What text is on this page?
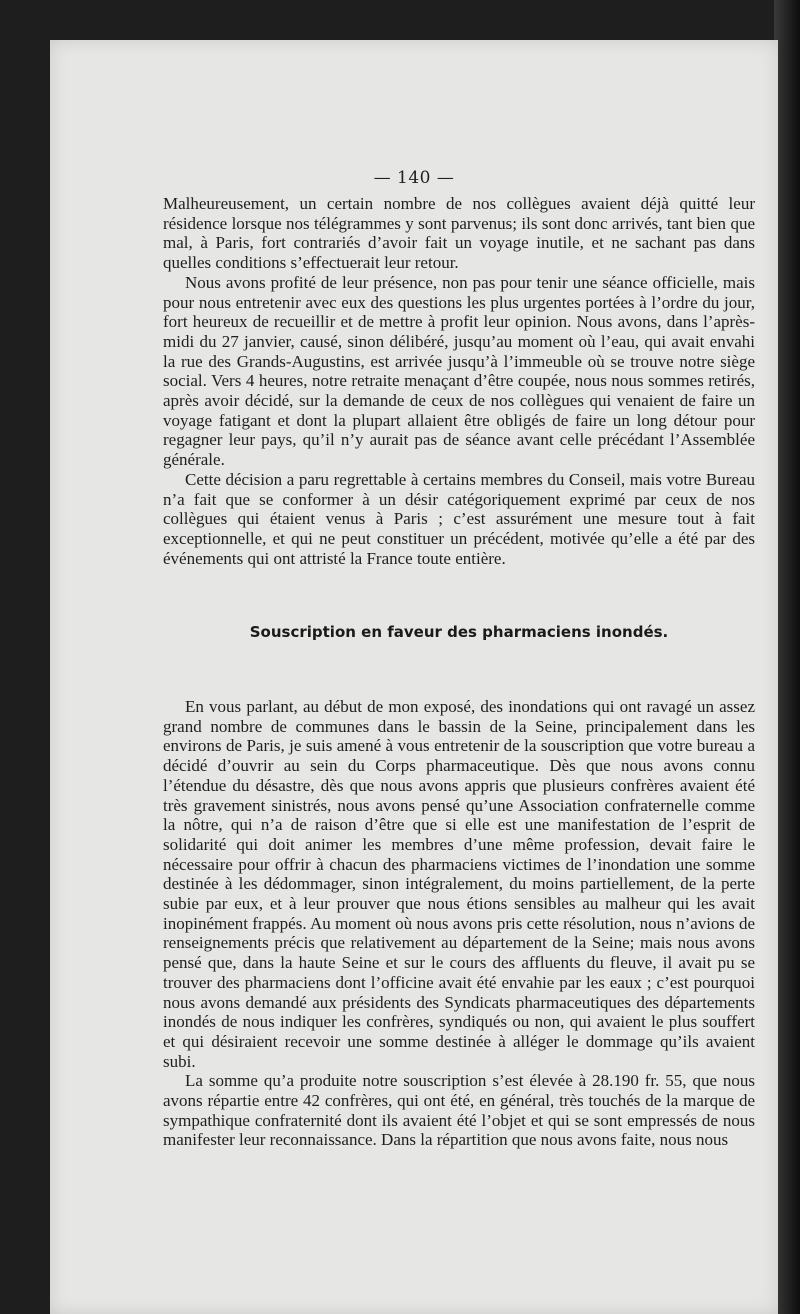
— 140 —

Malheureusement, un certain nombre de nos collègues avaient déjà quitté leur résidence lorsque nos télégrammes y sont parvenus; ils sont donc arrivés, tant bien que mal, à Paris, fort contrariés d’avoir fait un voyage inutile, et ne sachant pas dans quelles conditions s’effectuerait leur retour.

Nous avons profité de leur présence, non pas pour tenir une séance officielle, mais pour nous entretenir avec eux des questions les plus urgentes portées à l’ordre du jour, fort heureux de recueillir et de mettre à profit leur opinion. Nous avons, dans l’après-midi du 27 janvier, causé, sinon délibéré, jusqu’au moment où l’eau, qui avait envahi la rue des Grands-Augustins, est arrivée jusqu’à l’immeuble où se trouve notre siège social. Vers 4 heures, notre retraite menaçant d’être coupée, nous nous sommes retirés, après avoir décidé, sur la demande de ceux de nos collègues qui venaient de faire un voyage fatigant et dont la plupart allaient être obligés de faire un long détour pour regagner leur pays, qu’il n’y aurait pas de séance avant celle précédant l’Assemblée générale.

Cette décision a paru regrettable à certains membres du Conseil, mais votre Bureau n’a fait que se conformer à un désir catégoriquement exprimé par ceux de nos collègues qui étaient venus à Paris ; c’est assurément une mesure tout à fait exceptionnelle, et qui ne peut constituer un précédent, motivée qu’elle a été par des événements qui ont attristé la France toute entière.

Souscription en faveur des pharmaciens inondés.

En vous parlant, au début de mon exposé, des inondations qui ont ravagé un assez grand nombre de communes dans le bassin de la Seine, principalement dans les environs de Paris, je suis amené à vous entretenir de la souscription que votre bureau a décidé d’ouvrir au sein du Corps pharmaceutique. Dès que nous avons connu l’étendue du désastre, dès que nous avons appris que plusieurs confrères avaient été très gravement sinistrés, nous avons pensé qu’une Association confraternelle comme la nôtre, qui n’a de raison d’être que si elle est une manifestation de l’esprit de solidarité qui doit animer les membres d’une même profession, devait faire le nécessaire pour offrir à chacun des pharmaciens victimes de l’inondation une somme destinée à les dédommager, sinon intégralement, du moins partiellement, de la perte subie par eux, et à leur prouver que nous étions sensibles au malheur qui les avait inopinément frappés. Au moment où nous avons pris cette résolution, nous n’avions de renseignements précis que relativement au département de la Seine; mais nous avons pensé que, dans la haute Seine et sur le cours des affluents du fleuve, il avait pu se trouver des pharmaciens dont l’officine avait été envahie par les eaux ; c’est pourquoi nous avons demandé aux présidents des Syndicats pharmaceutiques des départements inondés de nous indiquer les confrères, syndiqués ou non, qui avaient le plus souffert et qui désiraient recevoir une somme destinée à alléger le dommage qu’ils avaient subi.

La somme qu’a produite notre souscription s’est élevée à 28.190 fr. 55, que nous avons répartie entre 42 confrères, qui ont été, en général, très touchés de la marque de sympathique confraternité dont ils avaient été l’objet et qui se sont empressés de nous manifester leur reconnaissance. Dans la répartition que nous avons faite, nous nous
